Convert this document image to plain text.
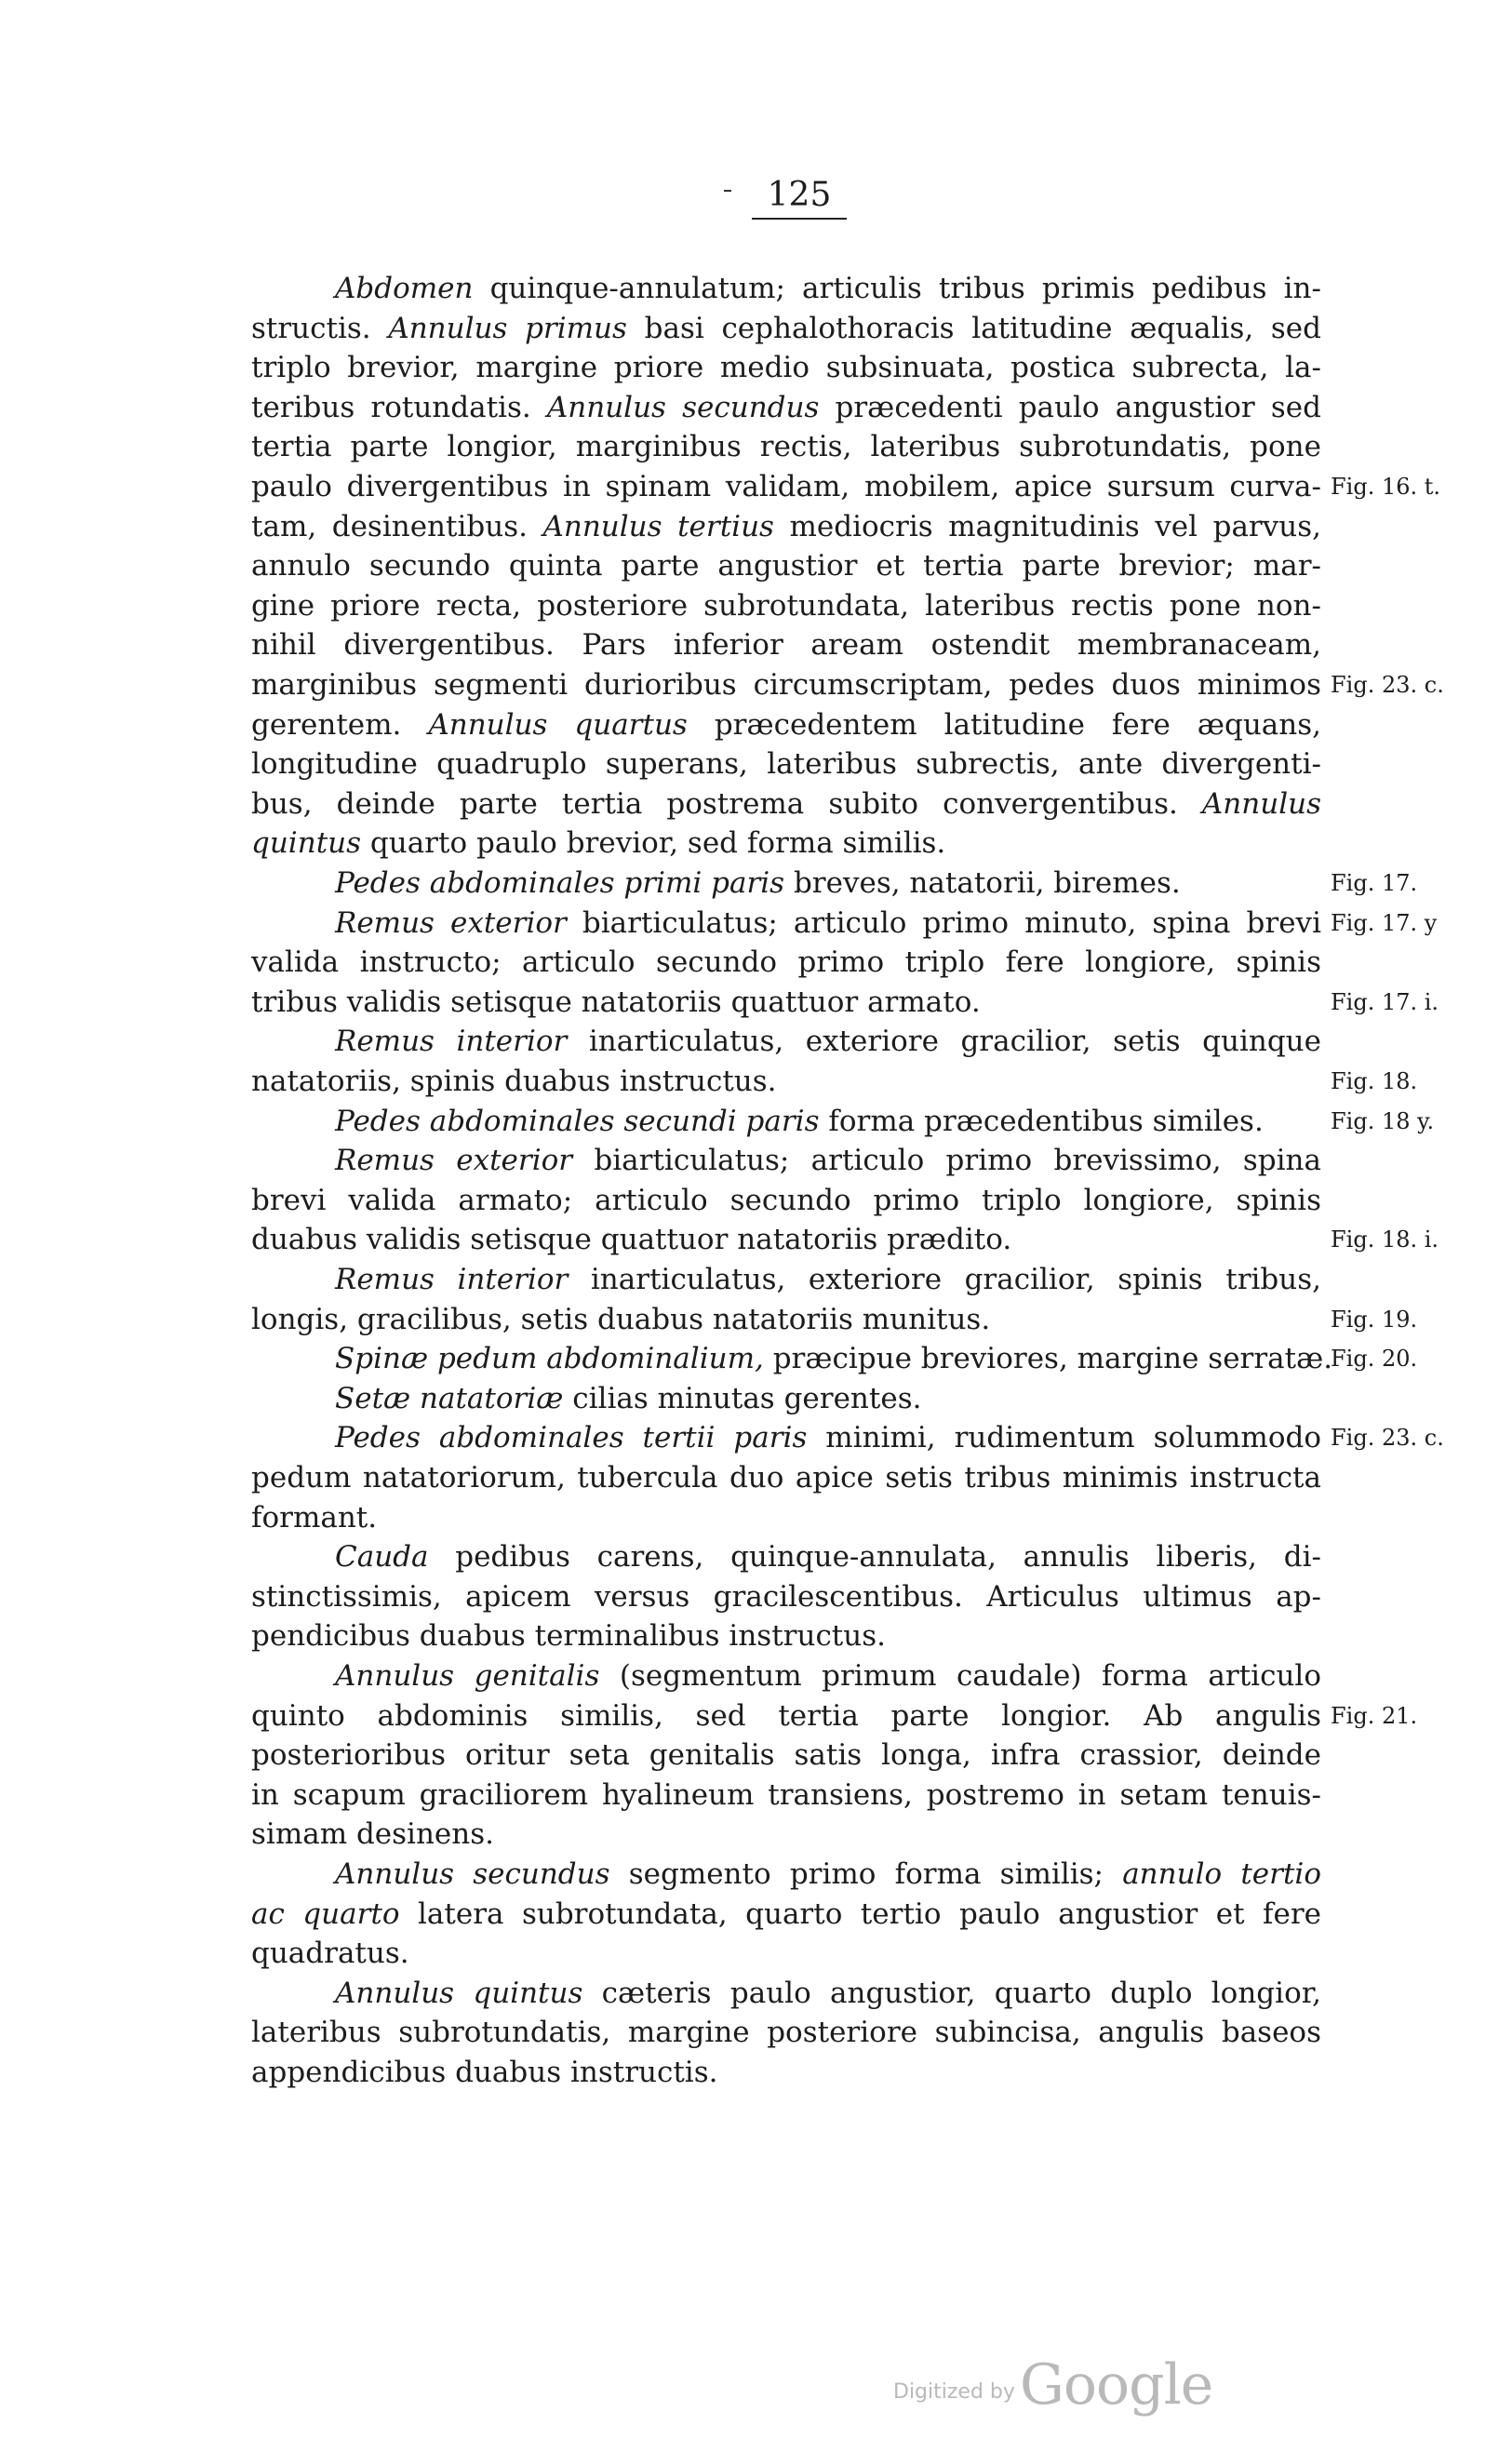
125
Abdomen quinque-annulatum; articulis tribus primis pedibus in-
structis. Annulus primus basi cephalothoracis latitudine æqualis, sed
triplo brevior, margine priore medio subsinuata, postica subrecta, la-
teribus rotundatis. Annulus secundus præcedenti paulo angustior sed
tertia parte longior, marginibus rectis, lateribus subrotundatis, pone
paulo divergentibus in spinam validam, mobilem, apice sursum curva-
tam, desinentibus. Annulus tertius mediocris magnitudinis vel parvus,
annulo secundo quinta parte angustior et tertia parte brevior; mar-
gine priore recta, posteriore subrotundata, lateribus rectis pone non-
nihil divergentibus. Pars inferior aream ostendit membranaceam,
marginibus segmenti durioribus circumscriptam, pedes duos minimos
gerentem. Annulus quartus præcedentem latitudine fere æquans,
longitudine quadruplo superans, lateribus subrectis, ante divergenti-
bus, deinde parte tertia postrema subito convergentibus. Annulus
quintus quarto paulo brevior, sed forma similis.
Pedes abdominales primi paris breves, natatorii, biremes.
Remus exterior biarticulatus; articulo primo minuto, spina brevi
valida instructo; articulo secundo primo triplo fere longiore, spinis
tribus validis setisque natatoriis quattuor armato.
Remus interior inarticulatus, exteriore gracilior, setis quinque
natatoriis, spinis duabus instructus.
Pedes abdominales secundi paris forma præcedentibus similes.
Remus exterior biarticulatus; articulo primo brevissimo, spina
brevi valida armato; articulo secundo primo triplo longiore, spinis
duabus validis setisque quattuor natatoriis prædito.
Remus interior inarticulatus, exteriore gracilior, spinis tribus,
longis, gracilibus, setis duabus natatoriis munitus.
Spinæ pedum abdominalium, præcipue breviores, margine serratæ.
Setæ natatoriæ cilias minutas gerentes.
Pedes abdominales tertii paris minimi, rudimentum solummodo
pedum natatoriorum, tubercula duo apice setis tribus minimis instructa
formant.
Cauda pedibus carens, quinque-annulata, annulis liberis, di-
stinctissimis, apicem versus gracilescentibus. Articulus ultimus ap-
pendicibus duabus terminalibus instructus.
Annulus genitalis (segmentum primum caudale) forma articulo
quinto abdominis similis, sed tertia parte longior. Ab angulis
posterioribus oritur seta genitalis satis longa, infra crassior, deinde
in scapum graciliorem hyalineum transiens, postremo in setam tenuis-
simam desinens.
Annulus secundus segmento primo forma similis; annulo tertio
ac quarto latera subrotundata, quarto tertio paulo angustior et fere
quadratus.
Annulus quintus cæteris paulo angustior, quarto duplo longior,
lateribus subrotundatis, margine posteriore subincisa, angulis baseos
appendicibus duabus instructis.
Fig. 16. t.
Fig. 23. c.
Fig. 17.
Fig. 17. y
Fig. 17. i.
Fig. 18.
Fig. 18 y.
Fig. 18. i.
Fig. 19.
Fig. 20.
Fig. 23. c.
Fig. 21.
Digitized by Google
